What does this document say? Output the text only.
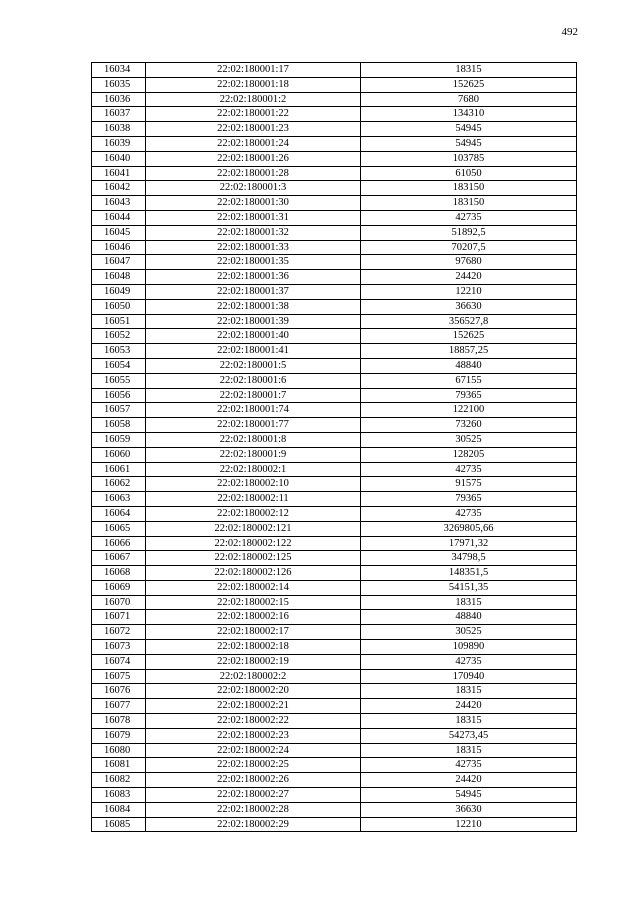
492
16034	22:02:180001:17	18315
16035	22:02:180001:18	152625
16036	22:02:180001:2	7680
16037	22:02:180001:22	134310
16038	22:02:180001:23	54945
16039	22:02:180001:24	54945
16040	22:02:180001:26	103785
16041	22:02:180001:28	61050
16042	22:02:180001:3	183150
16043	22:02:180001:30	183150
16044	22:02:180001:31	42735
16045	22:02:180001:32	51892,5
16046	22:02:180001:33	70207,5
16047	22:02:180001:35	97680
16048	22:02:180001:36	24420
16049	22:02:180001:37	12210
16050	22:02:180001:38	36630
16051	22:02:180001:39	356527,8
16052	22:02:180001:40	152625
16053	22:02:180001:41	18857,25
16054	22:02:180001:5	48840
16055	22:02:180001:6	67155
16056	22:02:180001:7	79365
16057	22:02:180001:74	122100
16058	22:02:180001:77	73260
16059	22:02:180001:8	30525
16060	22:02:180001:9	128205
16061	22:02:180002:1	42735
16062	22:02:180002:10	91575
16063	22:02:180002:11	79365
16064	22:02:180002:12	42735
16065	22:02:180002:121	3269805,66
16066	22:02:180002:122	17971,32
16067	22:02:180002:125	34798,5
16068	22:02:180002:126	148351,5
16069	22:02:180002:14	54151,35
16070	22:02:180002:15	18315
16071	22:02:180002:16	48840
16072	22:02:180002:17	30525
16073	22:02:180002:18	109890
16074	22:02:180002:19	42735
16075	22:02:180002:2	170940
16076	22:02:180002:20	18315
16077	22:02:180002:21	24420
16078	22:02:180002:22	18315
16079	22:02:180002:23	54273,45
16080	22:02:180002:24	18315
16081	22:02:180002:25	42735
16082	22:02:180002:26	24420
16083	22:02:180002:27	54945
16084	22:02:180002:28	36630
16085	22:02:180002:29	12210
